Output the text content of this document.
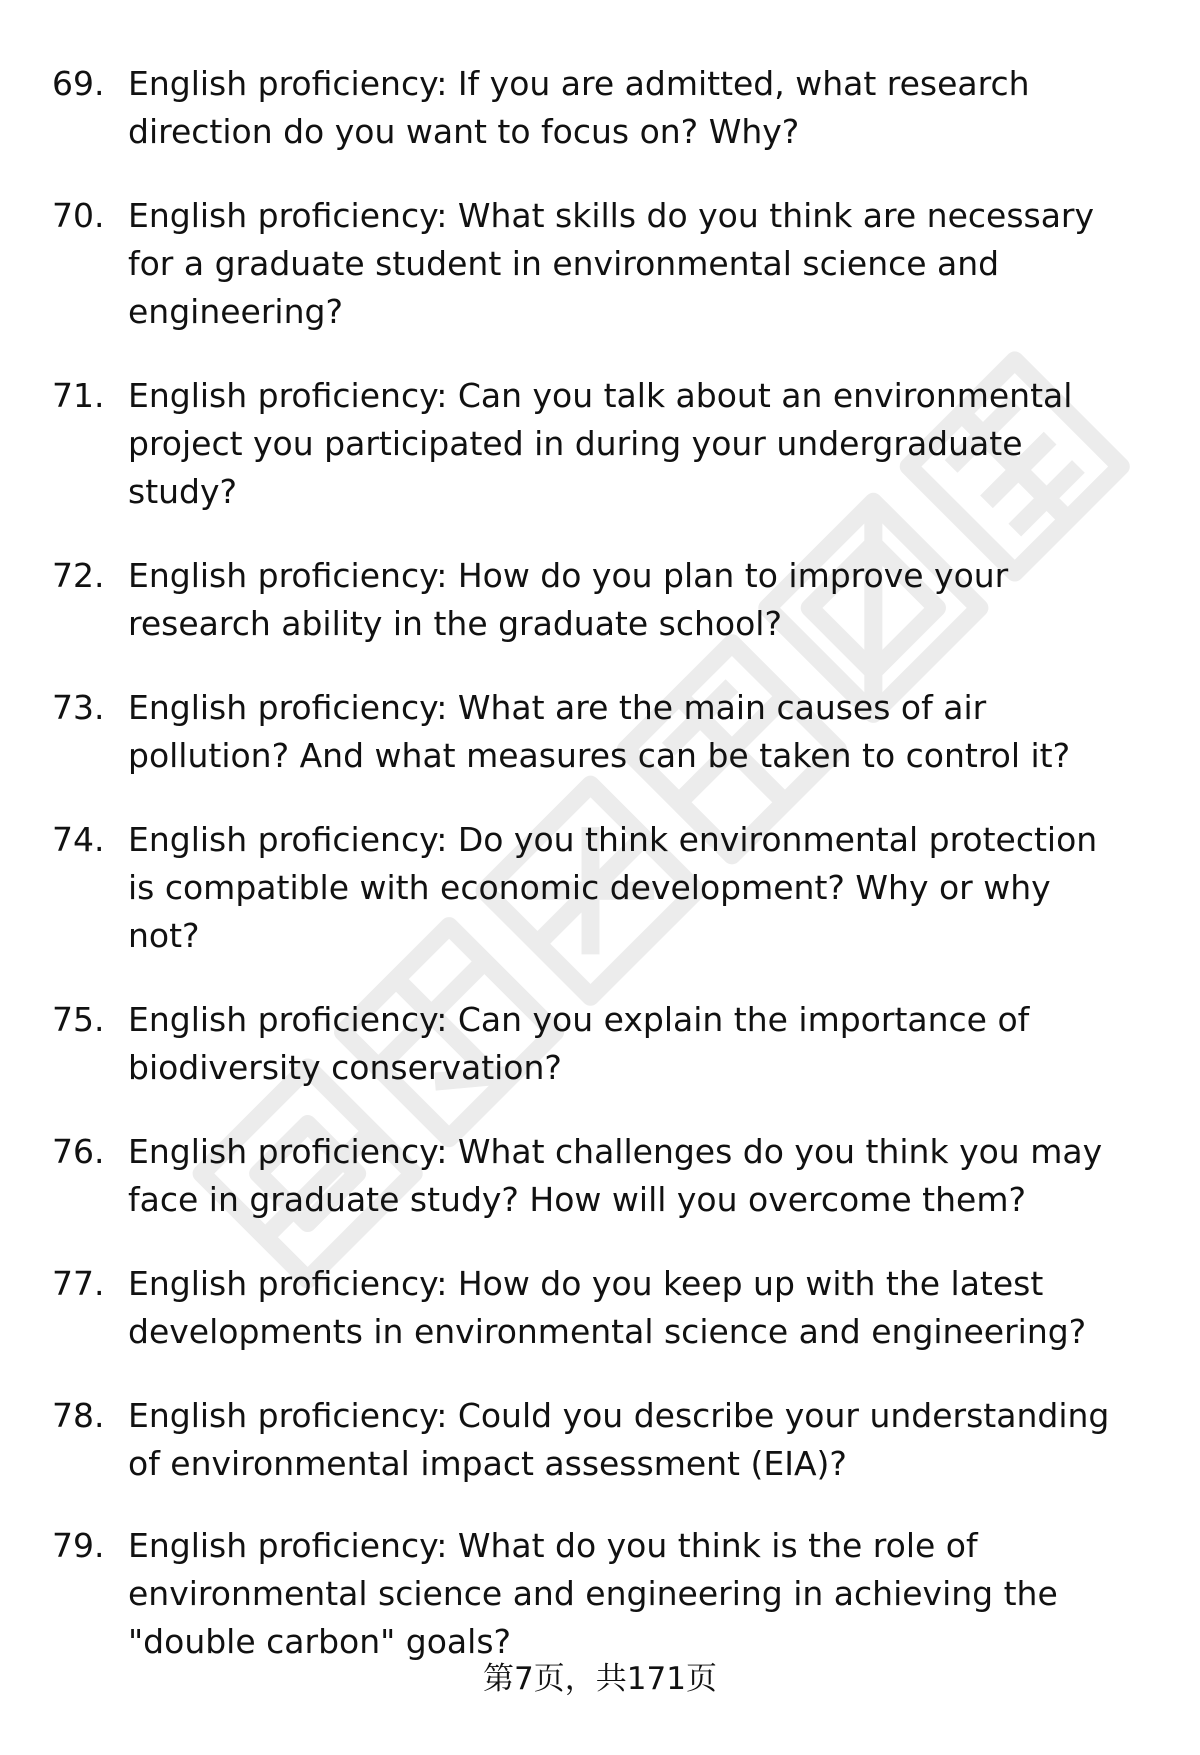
69. English proficiency: If you are admitted, what research
direction do you want to focus on? Why?
70. English proficiency: What skills do you think are necessary
for a graduate student in environmental science and
engineering?
71. English proficiency: Can you talk about an environmental
project you participated in during your undergraduate
study?
72. English proficiency: How do you plan to improve your
research ability in the graduate school?
73. English proficiency: What are the main causes of air
pollution? And what measures can be taken to control it?
74. English proficiency: Do you think environmental protection
is compatible with economic development? Why or why
not?
75. English proficiency: Can you explain the importance of
biodiversity conservation?
76. English proficiency: What challenges do you think you may
face in graduate study? How will you overcome them?
77. English proficiency: How do you keep up with the latest
developments in environmental science and engineering?
78. English proficiency: Could you describe your understanding
of environmental impact assessment (EIA)?
79. English proficiency: What do you think is the role of
environmental science and engineering in achieving the
"double carbon" goals?
第7页，共171页
